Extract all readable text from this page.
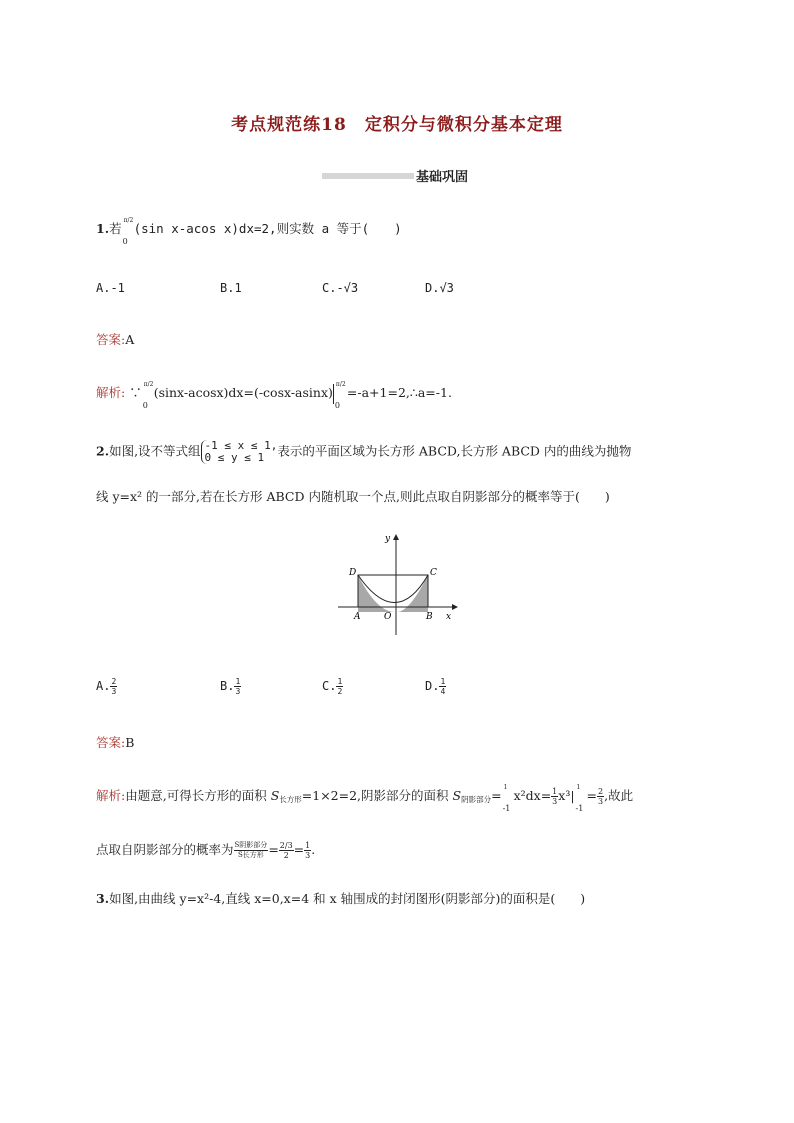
考点规范练18　定积分与微积分基本定理
基础巩固
1.若
π/2
0
(sin x-acos x)dx=2,则实数 a 等于(　　)
A.-1	B.1	C.-√3	D.√3
答案:A
解析: ∵
π/2
0
(sinx-acosx)dx=(-cosx-asinx)
π/2
0
=-a+1=2,∴a=-1.
2.如图,设不等式组 -1 ≤ x ≤ 1,
0 ≤ y ≤ 1	表示的平面区域为长方形 ABCD,长方形 ABCD 内的曲线为抛物
线 y=x² 的一部分,若在长方形 ABCD 内随机取一个点,则此点取自阴影部分的概率等于(　　)
y
x
D	C
A	O	B
A. $\frac{2}{3}$	B. $\frac{1}{3}$	C. $\frac{1}{2}$	D. $\frac{1}{4}$
答案:B
解析:由题意,可得长方形的面积 $S_{长方形}=1\times 2=2$,阴影部分的面积 $S_{阴影部分}=$
1
-1
$x^2dx= \frac{1}{3} x^3|$
1
-1
= $\frac{2}{3}$ ,故此
点取自阴影部分的概率为 $\frac{\text{S阴影部分}}{\text{S长方形}} = \frac{2/3}{2} = \frac{1}{3}$ .
3.如图,由曲线 y=x²-4,直线 x=0,x=4 和 x 轴围成的封闭图形(阴影部分)的面积是(　　)
